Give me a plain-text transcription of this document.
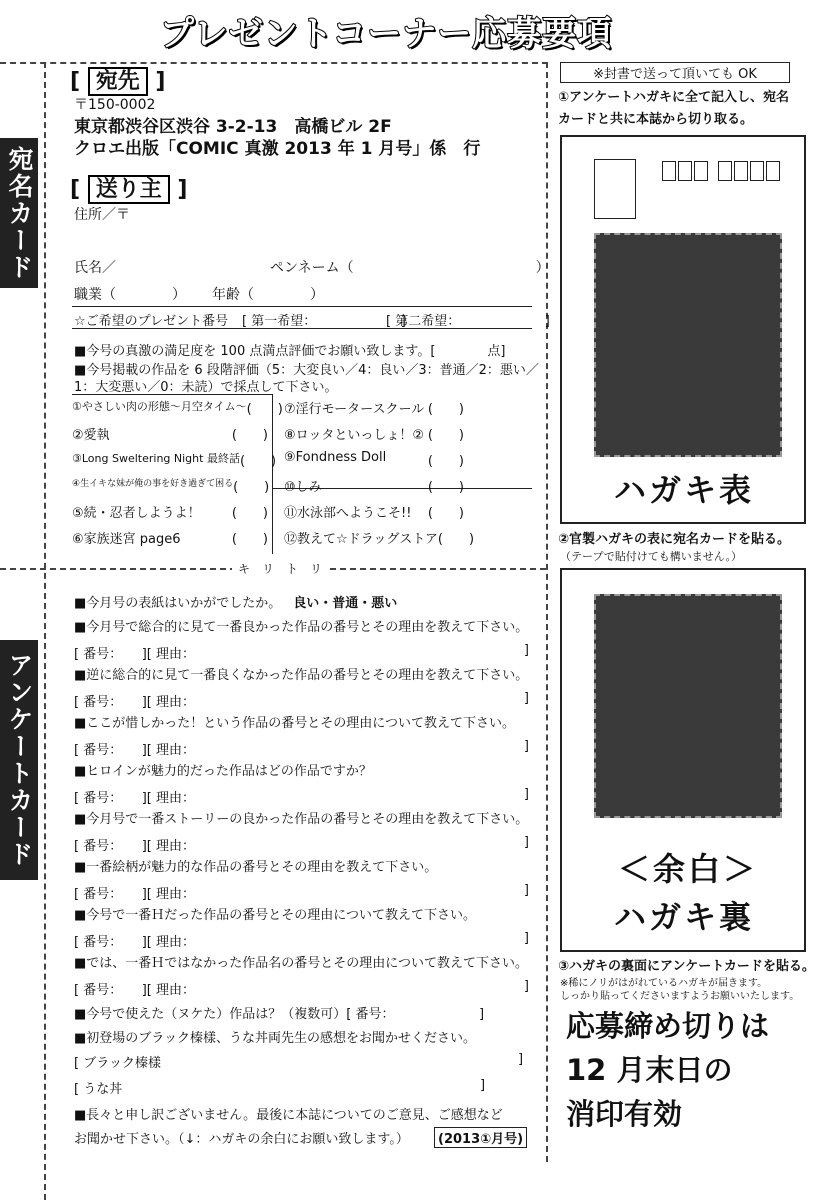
プレゼントコーナー応募要項
キ　リ　ト　リ
宛名カード
アンケートカード
[ 宛先 ]
〒150-0002
東京都渋谷区渋谷 3-2-13　高橋ビル 2F
クロエ出版「COMIC 真激 2013 年 1 月号」係　行
[ 送り主 ]
住所／〒
氏名／	ペンネーム（　　　　　　　　　　　　　）
職業（　　　　） 年齢（　　　　）
☆ご希望のプレゼント番号 [ 第一希望：　　　　　　　]
[ 第二希望：　　　　　　　]
■今号の真激の満足度を 100 点満点評価でお願い致します。[　　　　点]
■今号掲載の作品を 6 段階評価（5：大変良い／4：良い／3：普通／2：悪い／
1：大変悪い／0：未読）で採点して下さい。
①やさしい肉の形態～月空タイム～ (　　)
②愛執	(　　)
③Long Sweltering Night 最終話 (　　)
④生イキな妹が俺の事を好き過ぎて困る (　　)
⑤続・忍者しようよ！ (　　)
⑥家族迷宮 page6	(　　)
⑦淫行モータースクール (　　)
⑧ロッタといっしょ！② (　　)
⑨Fondness Doll	(　　)
⑩しみ	(　　)
⑪水泳部へようこそ!! (　　)
⑫教えて☆ドラッグストア (　　)
■今月号の表紙はいかがでしたか。 良い・普通・悪い
■今月号で総合的に見て一番良かった作品の番号とその理由を教えて下さい。
[ 番号：　　][ 理由：	]
■逆に総合的に見て一番良くなかった作品の番号とその理由を教えて下さい。
[ 番号：　　][ 理由：	]
■ここが惜しかった！という作品の番号とその理由について教えて下さい。
[ 番号：　　][ 理由：	]
■ヒロインが魅力的だった作品はどの作品ですか？
[ 番号：　　][ 理由：	]
■今月号で一番ストーリーの良かった作品の番号とその理由を教えて下さい。
[ 番号：　　][ 理由：	]
■一番絵柄が魅力的な作品の番号とその理由を教えて下さい。
[ 番号：　　][ 理由：	]
■今号で一番Ｈだった作品の番号とその理由について教えて下さい。
[ 番号：　　][ 理由：	]
■では、一番Ｈではなかった作品名の番号とその理由について教えて下さい。
[ 番号：　　][ 理由：	]
■今号で使えた（ヌケた）作品は？（複数可）[ 番号：　　　　　　　]
■初登場のブラック榛樣、うな丼両先生の感想をお聞かせください。
[ ブラック榛樣	]
[ うな丼	]
■長々と申し訳ございません。最後に本誌についてのご意見、ご感想など
お聞かせ下さい。（↓：ハガキの余白にお願い致します。）	(2013①月号)
※封書で送って頂いても OK
①アンケートハガキに全て記入し、宛名
カードと共に本誌から切り取る。
ハガキ表
②官製ハガキの表に宛名カードを貼る。
（テープで貼付けても構いません。）
＜余白＞
ハガキ裏
③ハガキの裏面にアンケートカードを貼る。
※稀にノリがはがれているハガキが届きます。
しっかり貼ってくださいますようお願いいたします。
応募締め切りは
12 月末日の
消印有効
